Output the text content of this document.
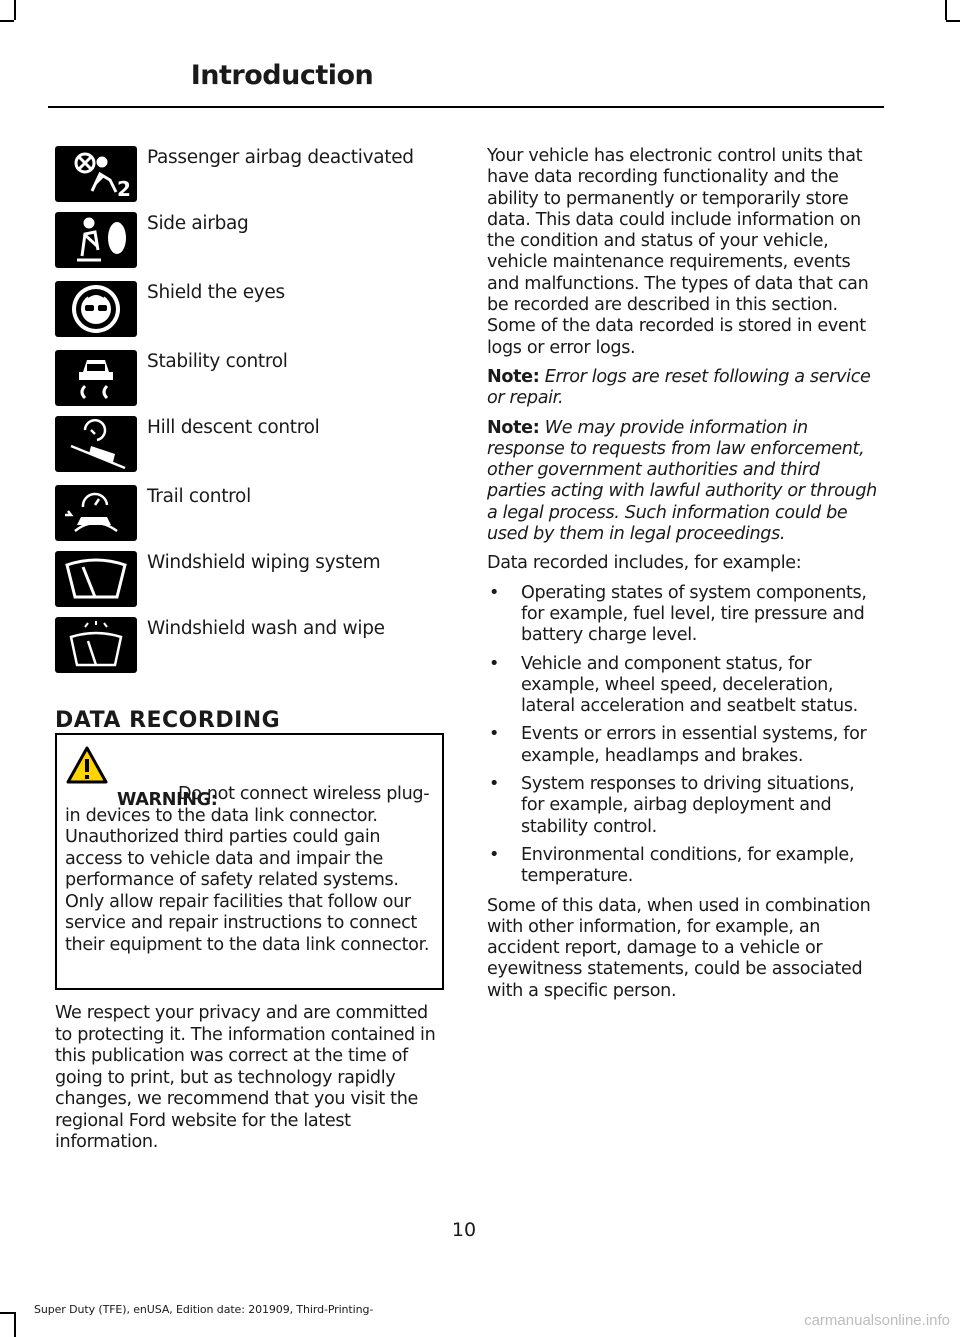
Introduction
2
Passenger airbag deactivated
Side airbag
Shield the eyes
Stability control
Hill descent control
Trail control
Windshield wiping system
Windshield wash and wipe
DATA RECORDING
WARNING:
Do not connect wireless plug-in devices to the data link connector. Unauthorized third parties could gain access to vehicle data and impair the performance of safety related systems. Only allow repair facilities that follow our service and repair instructions to connect their equipment to the data link connector.
We respect your privacy and are committed to protecting it. The information contained in this publication was correct at the time of going to print, but as technology rapidly changes, we recommend that you visit the regional Ford website for the latest information.

Your vehicle has electronic control units that have data recording functionality and the ability to permanently or temporarily store data. This data could include information on the condition and status of your vehicle, vehicle maintenance requirements, events and malfunctions. The types of data that can be recorded are described in this section. Some of the data recorded is stored in event logs or error logs.

Note: Error logs are reset following a service or repair.

Note: We may provide information in response to requests from law enforcement, other government authorities and third parties acting with lawful authority or through a legal process. Such information could be used by them in legal proceedings.

Data recorded includes, for example:

• Operating states of system components, for example, fuel level, tire pressure and battery charge level.
• Vehicle and component status, for example, wheel speed, deceleration, lateral acceleration and seatbelt status.
• Events or errors in essential systems, for example, headlamps and brakes.
• System responses to driving situations, for example, airbag deployment and stability control.
• Environmental conditions, for example, temperature.

Some of this data, when used in combination with other information, for example, an accident report, damage to a vehicle or eyewitness statements, could be associated with a specific person.

10
Super Duty (TFE), enUSA, Edition date: 201909, Third-Printing-
carmanualsonline.info
